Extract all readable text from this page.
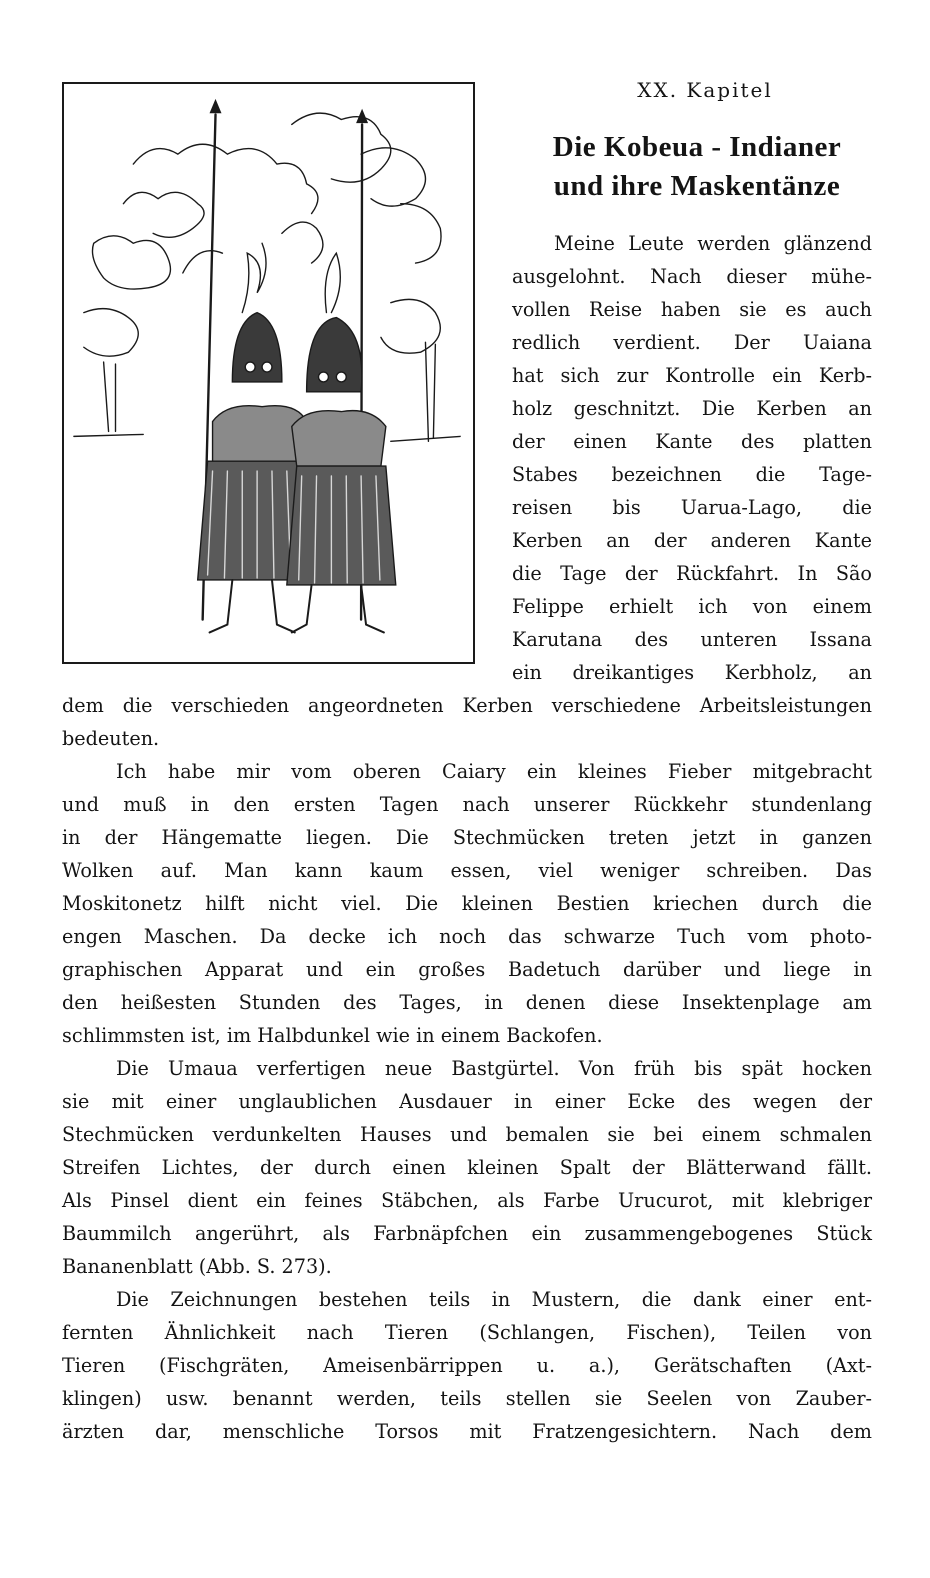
XX. Kapitel
Die Kobeua - Indianer
und ihre Maskentänze
Meine Leute werden glänzend
ausgelohnt. Nach dieser mühe-
vollen Reise haben sie es auch
redlich verdient. Der Uaiana
hat sich zur Kontrolle ein Kerb-
holz geschnitzt. Die Kerben an
der einen Kante des platten
Stabes bezeichnen die Tage-
reisen bis Uarua-Lago, die
Kerben an der anderen Kante
die Tage der Rückfahrt. In São
Felippe erhielt ich von einem
Karutana des unteren Issana
ein dreikantiges Kerbholz, an
dem die verschieden angeordneten Kerben verschiedene Arbeitsleistungen
bedeuten.
Ich habe mir vom oberen Caiary ein kleines Fieber mitgebracht
und muß in den ersten Tagen nach unserer Rückkehr stundenlang
in der Hängematte liegen. Die Stechmücken treten jetzt in ganzen
Wolken auf. Man kann kaum essen, viel weniger schreiben. Das
Moskitonetz hilft nicht viel. Die kleinen Bestien kriechen durch die
engen Maschen. Da decke ich noch das schwarze Tuch vom photo-
graphischen Apparat und ein großes Badetuch darüber und liege in
den heißesten Stunden des Tages, in denen diese Insektenplage am
schlimmsten ist, im Halbdunkel wie in einem Backofen.
Die Umaua verfertigen neue Bastgürtel. Von früh bis spät hocken
sie mit einer unglaublichen Ausdauer in einer Ecke des wegen der
Stechmücken verdunkelten Hauses und bemalen sie bei einem schmalen
Streifen Lichtes, der durch einen kleinen Spalt der Blätterwand fällt.
Als Pinsel dient ein feines Stäbchen, als Farbe Urucurot, mit klebriger
Baummilch angerührt, als Farbnäpfchen ein zusammengebogenes Stück
Bananenblatt (Abb. S. 273).
Die Zeichnungen bestehen teils in Mustern, die dank einer ent-
fernten Ähnlichkeit nach Tieren (Schlangen, Fischen), Teilen von
Tieren (Fischgräten, Ameisenbärrippen u. a.), Gerätschaften (Axt-
klingen) usw. benannt werden, teils stellen sie Seelen von Zauber-
ärzten dar, menschliche Torsos mit Fratzengesichtern. Nach dem
